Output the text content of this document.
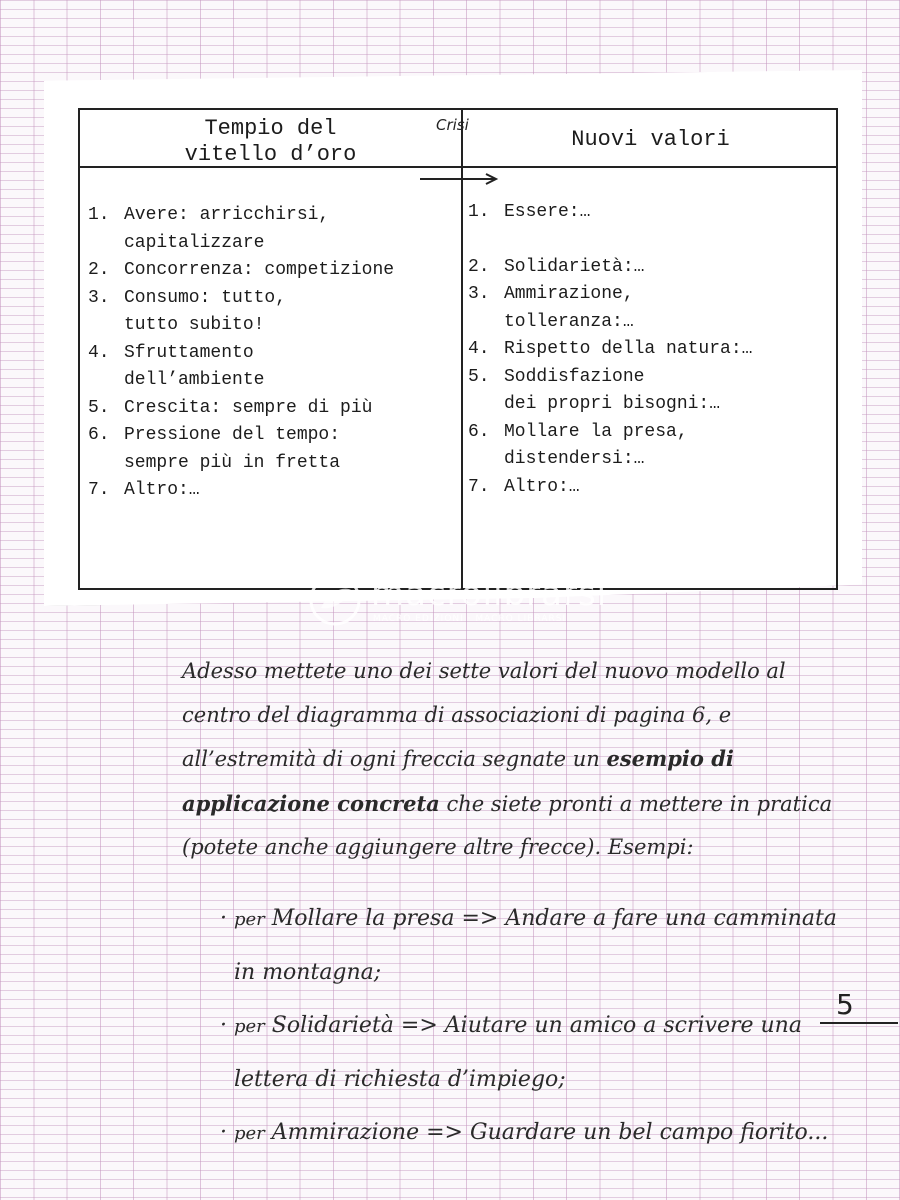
Tempio del
vitello d’oro
Nuovi valori
Crisi
1. Avere: arricchirsi,
capitalizzare
2. Concorrenza: competizione
3. Consumo: tutto,
tutto subito!
4. Sfruttamento
dell’ambiente
5. Crescita: sempre di più
6. Pressione del tempo:
sempre più in fretta
7. Altro:…
1. Essere:…
2. Solidarietà:…
3. Ammirazione,
tolleranza:…
4. Rispetto della natura:…
5. Soddisfazione
dei propri bisogni:…
6. Mollare la presa,
distendersi:…
7. Altro:…
macrolibrarsi
MACRO EDIZIONI · MACRO LIBRARSI

Adesso mettete uno dei sette valori del nuovo modello al centro del diagramma di associazioni di pagina 6, e all’estremità di ogni freccia segnate un esempio di applicazione concreta che siete pronti a mettere in pratica (potete anche aggiungere altre frecce). Esempi:

· per Mollare la presa => Andare a fare una camminata in montagna;
· per Solidarietà => Aiutare un amico a scrivere una lettera di richiesta d’impiego;
· per Ammirazione => Guardare un bel campo fiorito...
5
